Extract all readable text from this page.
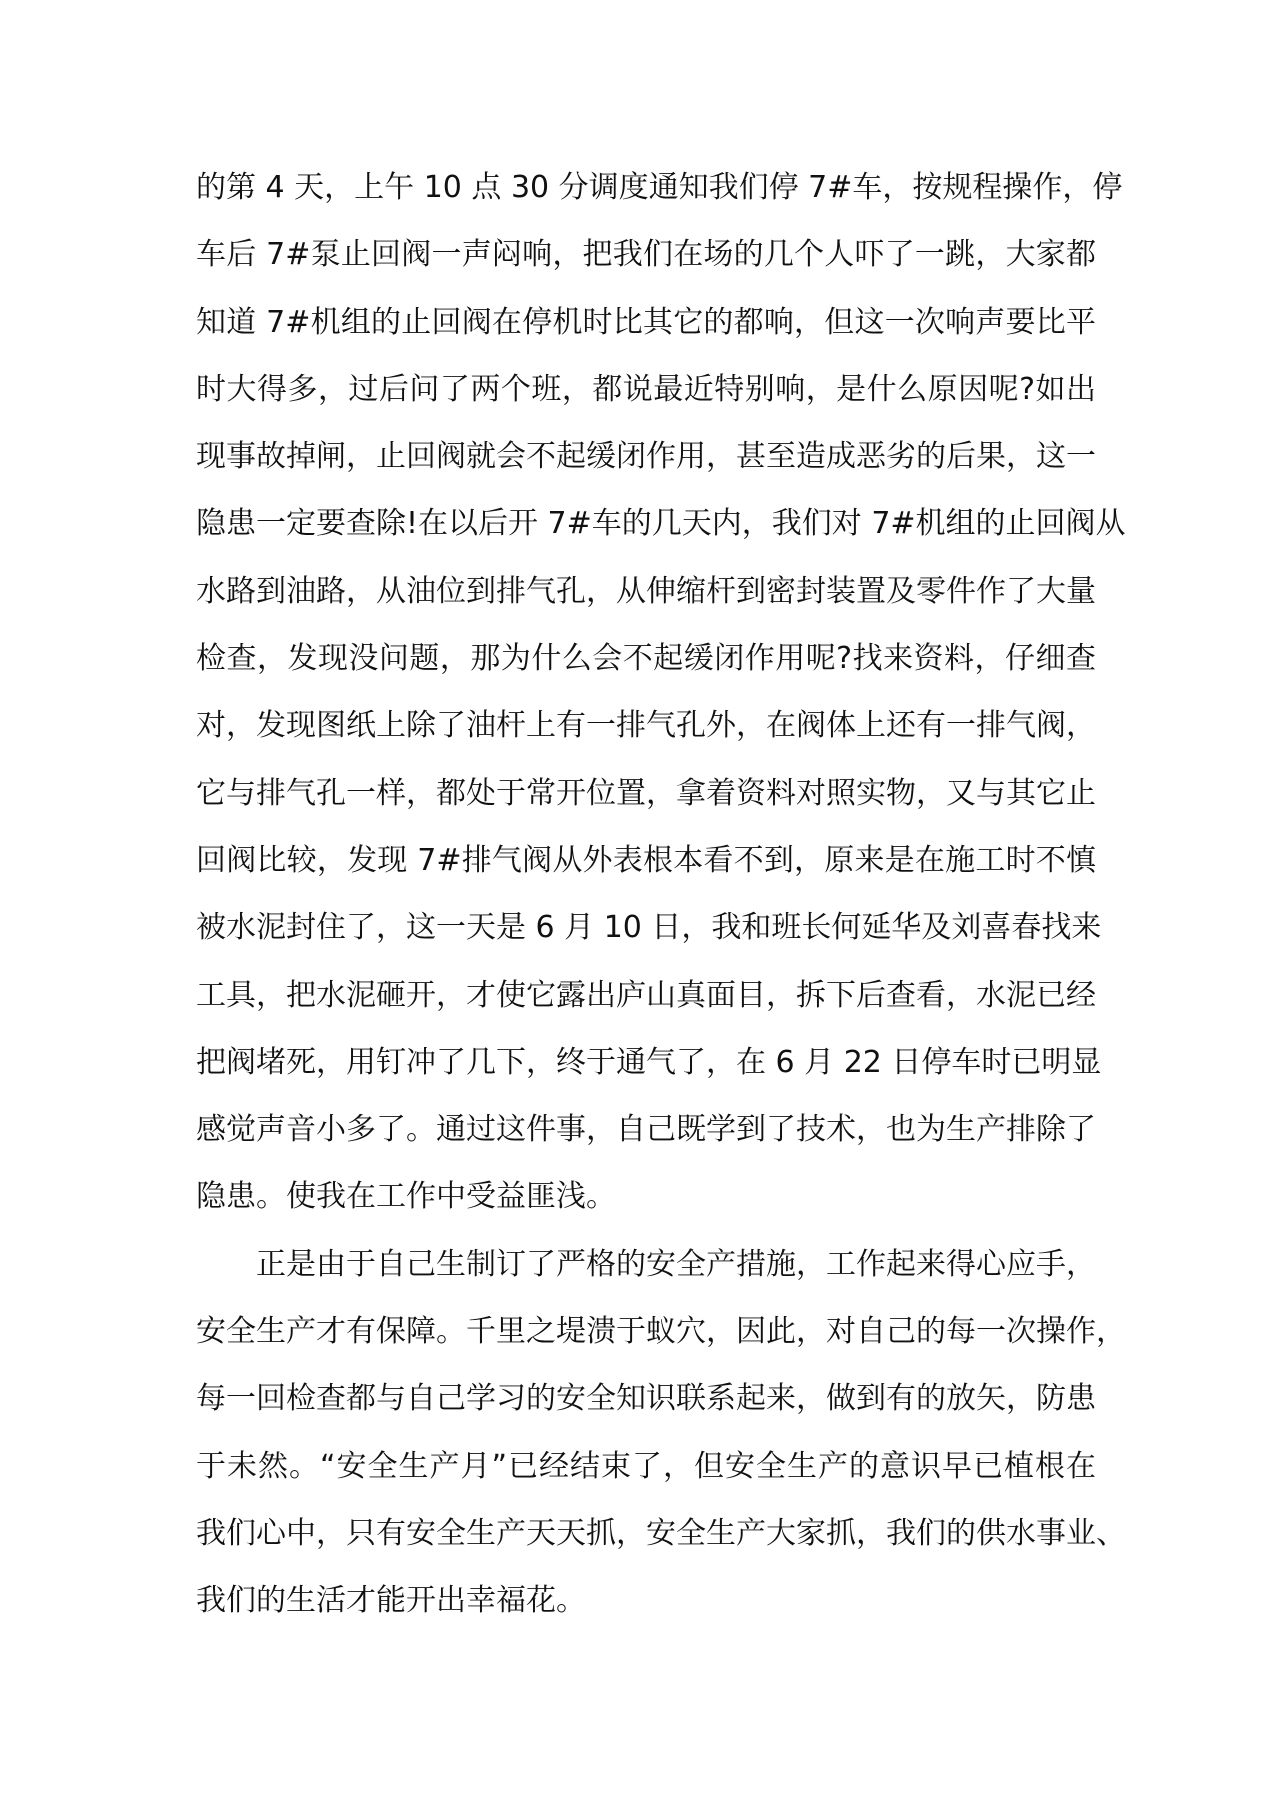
的第 4 天，上午 10 点 30 分调度通知我们停 7#车，按规程操作，停
车后 7#泵止回阀一声闷响，把我们在场的几个人吓了一跳，大家都
知道 7#机组的止回阀在停机时比其它的都响，但这一次响声要比平
时大得多，过后问了两个班，都说最近特别响，是什么原因呢?如出
现事故掉闸，止回阀就会不起缓闭作用，甚至造成恶劣的后果，这一
隐患一定要查除!在以后开 7#车的几天内，我们对 7#机组的止回阀从
水路到油路，从油位到排气孔，从伸缩杆到密封装置及零件作了大量
检查，发现没问题，那为什么会不起缓闭作用呢?找来资料，仔细查
对，发现图纸上除了油杆上有一排气孔外，在阀体上还有一排气阀，
它与排气孔一样，都处于常开位置，拿着资料对照实物，又与其它止
回阀比较，发现 7#排气阀从外表根本看不到，原来是在施工时不慎
被水泥封住了，这一天是 6 月 10 日，我和班长何延华及刘喜春找来
工具，把水泥砸开，才使它露出庐山真面目，拆下后查看，水泥已经
把阀堵死，用钉冲了几下，终于通气了，在 6 月 22 日停车时已明显
感觉声音小多了。通过这件事，自己既学到了技术，也为生产排除了
隐患。使我在工作中受益匪浅。
正是由于自己生制订了严格的安全产措施，工作起来得心应手，
安全生产才有保障。千里之堤溃于蚁穴，因此，对自己的每一次操作，
每一回检查都与自己学习的安全知识联系起来，做到有的放矢，防患
于未然。“安全生产月”已经结束了，但安全生产的意识早已植根在
我们心中，只有安全生产天天抓，安全生产大家抓，我们的供水事业、
我们的生活才能开出幸福花。
